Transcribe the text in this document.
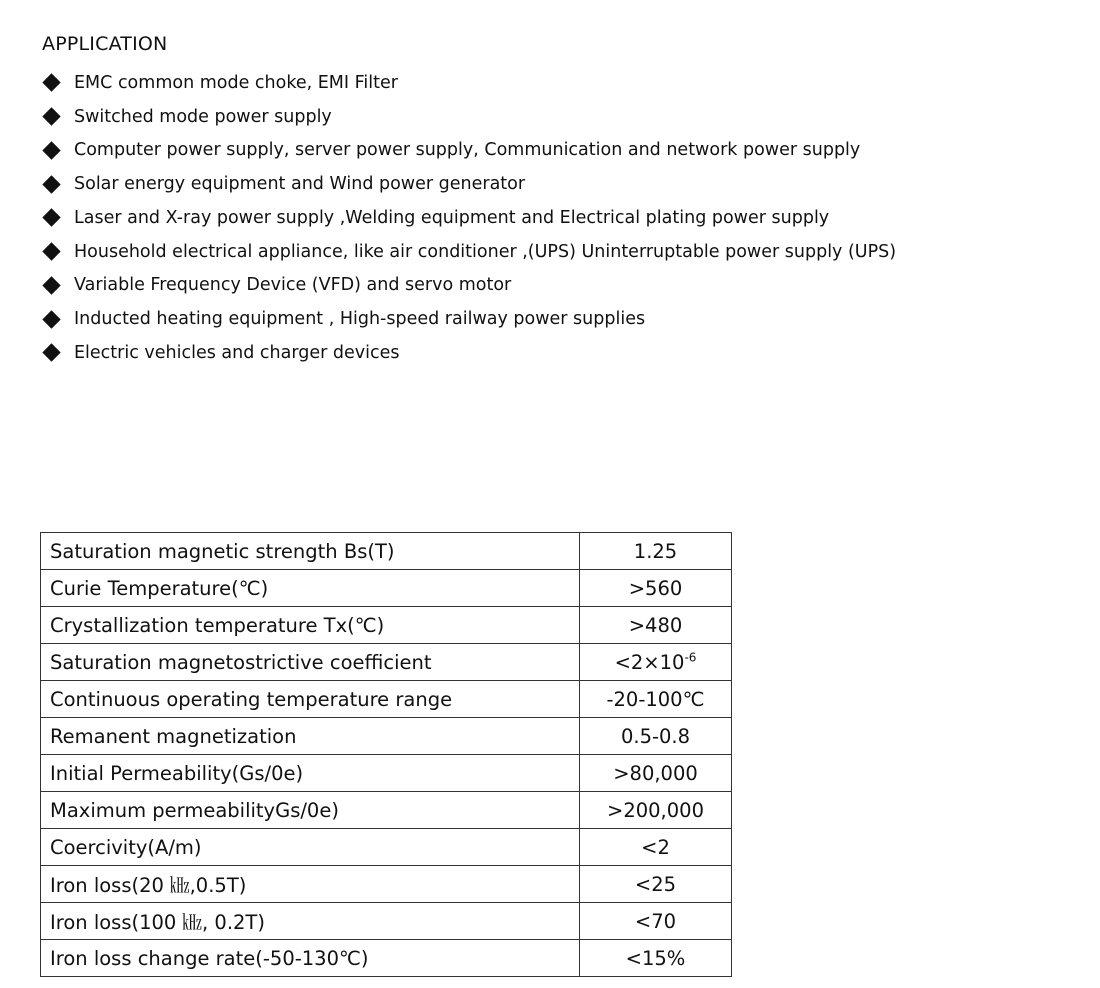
APPLICATION
EMC common mode choke, EMI Filter
Switched mode power supply
Computer power supply, server power supply, Communication and network power supply
Solar energy equipment and Wind power generator
Laser and X-ray power supply ,Welding equipment and Electrical plating power supply
Household electrical appliance, like air conditioner ,(UPS) Uninterruptable power supply (UPS)
Variable Frequency Device (VFD) and servo motor
Inducted heating equipment , High-speed railway power supplies
Electric vehicles and charger devices
Saturation magnetic strength Bs(T)	1.25
Curie Temperature(℃)	>560
Crystallization temperature Tx(℃)	>480
Saturation magnetostrictive coefficient	$<2\times 10^{-6}$
Continuous operating temperature range	-20-100℃
Remanent magnetization	0.5-0.8
Initial Permeability(Gs/0e)	>80,000
Maximum permeabilityGs/0e)	>200,000
Coercivity(A/m)	<2
Iron loss(20 ㎑,0.5T)	<25
Iron loss(100 ㎑, 0.2T)	<70
Iron loss change rate(-50-130℃)	<15%
